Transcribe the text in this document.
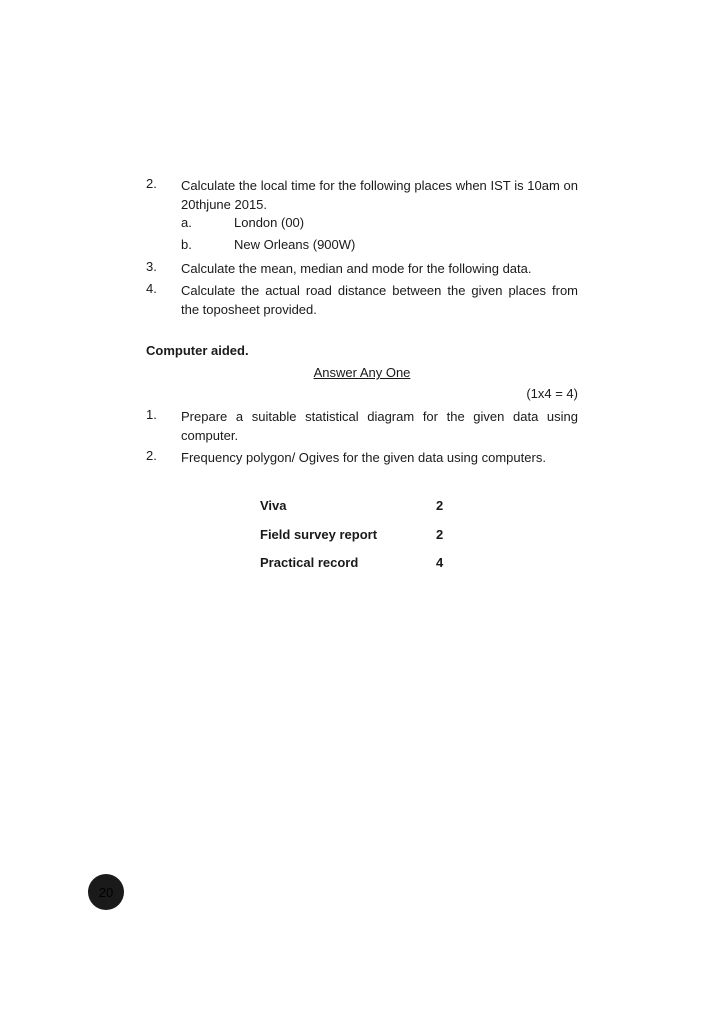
2. Calculate the local time for the following places when IST is 10am on 20thjune 2015.
a.	London (00)
b.	New Orleans (900W)
3. Calculate the mean, median and mode for the following data.
4. Calculate the actual road distance between the given places from the toposheet provided.
Computer aided.
Answer Any One
(1x4 = 4)
1. Prepare a suitable statistical diagram for the given data using computer.
2. Frequency polygon/ Ogives for the given data using computers.
Viva	2
Field survey report	2
Practical record	4
20
